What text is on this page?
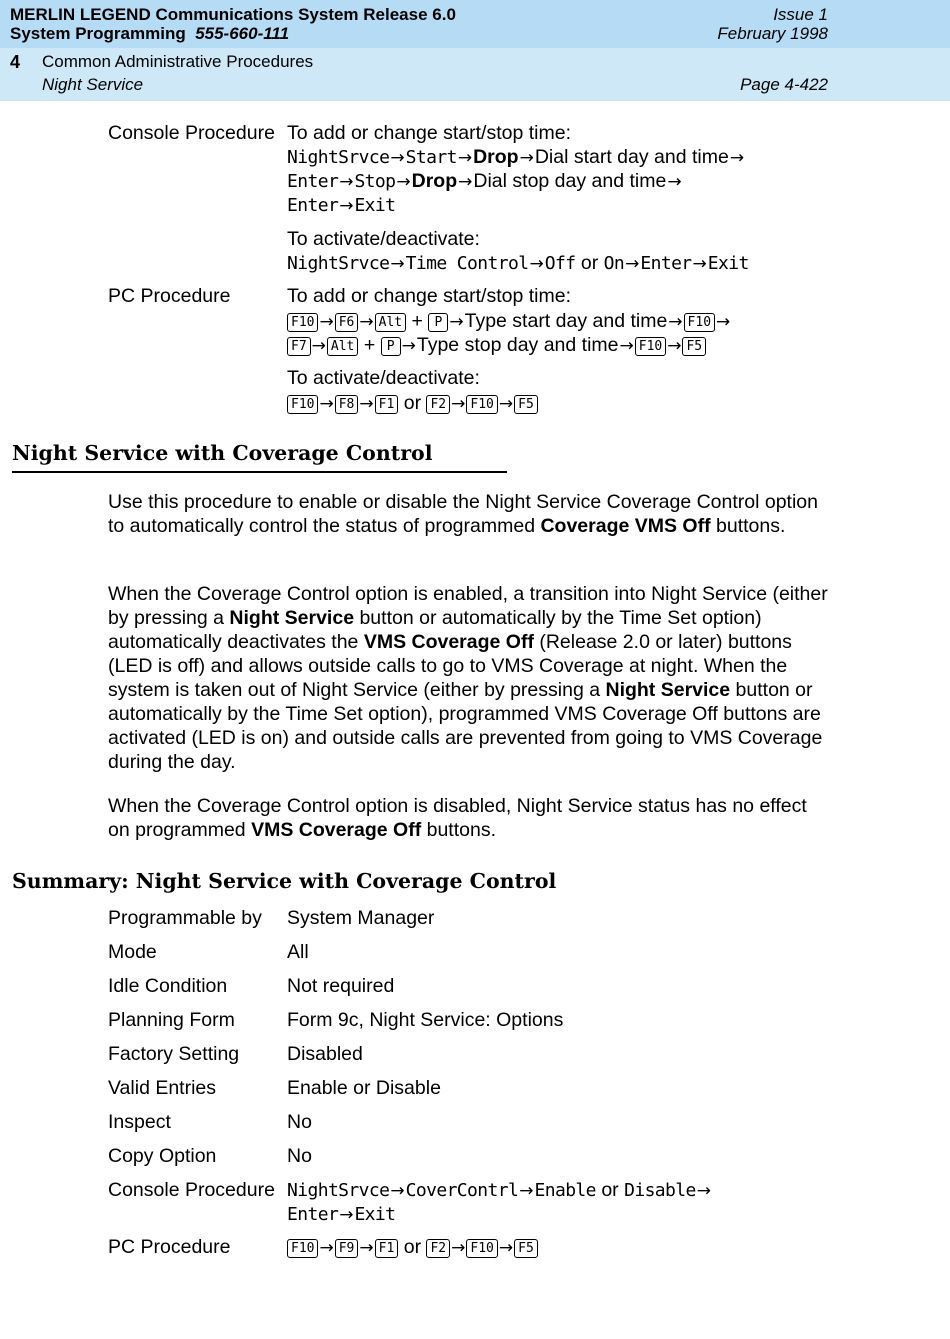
MERLIN LEGEND Communications System Release 6.0
System Programming 555-660-111
Issue 1
February 1998
4 Common Administrative Procedures
Night Service	Page 4-422
Console Procedure To add or change start/stop time:
NightSrvce→Start→Drop→Dial start day and time→
Enter→Stop→Drop→Dial stop day and time→
Enter→Exit
To activate/deactivate:
NightSrvce→Time Control→Off or On→Enter→Exit
PC Procedure	To add or change start/stop time:
F10 → F6 → Alt + P →Type start day and time→ F10 →
F7 → Alt + P →Type stop day and time→ F10 → F5
To activate/deactivate:
F10 → F8 → F1 or F2 → F10 → F5
Night Service with Coverage Control
Use this procedure to enable or disable the Night Service Coverage Control option to automatically control the status of programmed Coverage VMS Off buttons.
When the Coverage Control option is enabled, a transition into Night Service (either by pressing a Night Service button or automatically by the Time Set option) automatically deactivates the VMS Coverage Off (Release 2.0 or later) buttons (LED is off) and allows outside calls to go to VMS Coverage at night. When the system is taken out of Night Service (either by pressing a Night Service button or automatically by the Time Set option), programmed VMS Coverage Off buttons are activated (LED is on) and outside calls are prevented from going to VMS Coverage during the day.
When the Coverage Control option is disabled, Night Service status has no effect on programmed VMS Coverage Off buttons.
Summary: Night Service with Coverage Control
Programmable by System Manager
Mode	All
Idle Condition	Not required
Planning Form	Form 9c, Night Service: Options
Factory Setting Disabled
Valid Entries	Enable or Disable
Inspect	No
Copy Option	No
Console Procedure NightSrvce→CoverContrl→Enable or Disable→
Enter→Exit
PC Procedure	F10 → F9 → F1 or F2 → F10 → F5
